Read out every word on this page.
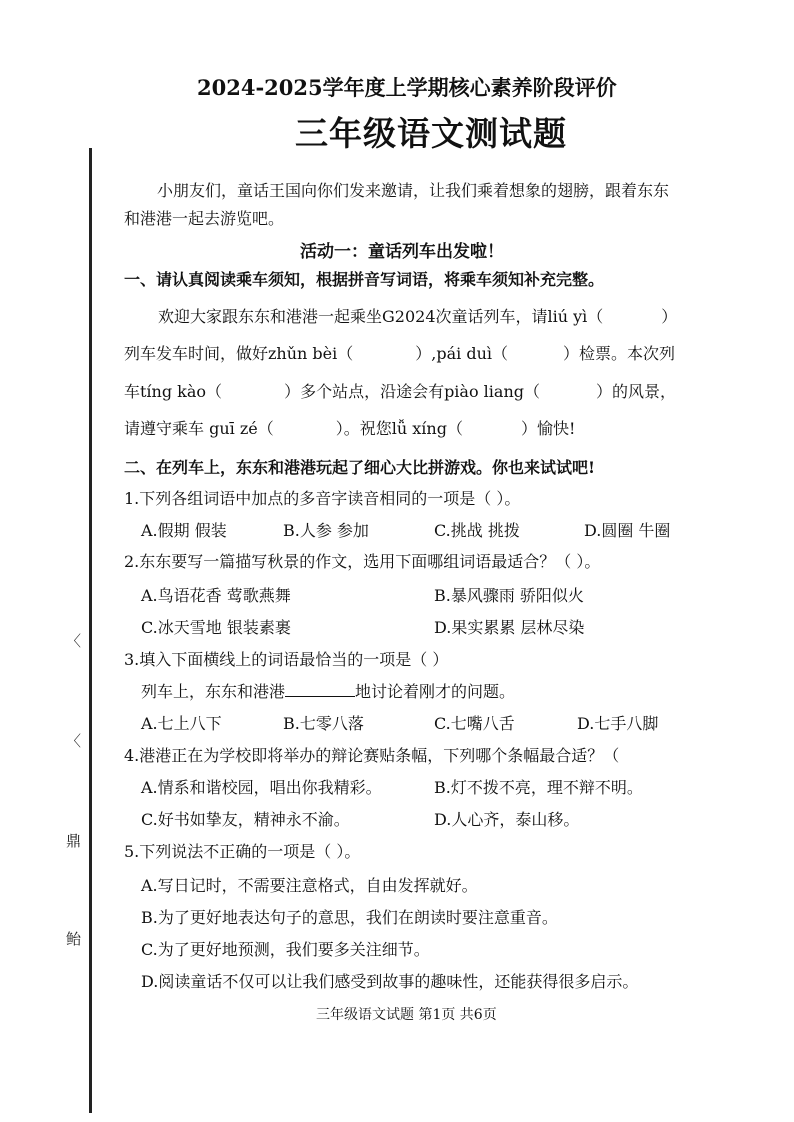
〈
〈
鼎
鲐
2024-2025学年度上学期核心素养阶段评价
三年级语文测试题
小朋友们，童话王国向你们发来邀请，让我们乘着想象的翅膀，跟着东东
和港港一起去游览吧。
活动一：童话列车出发啦！
一、请认真阅读乘车须知，根据拼音写词语，将乘车须知补充完整。
欢迎大家跟东东和港港一起乘坐G2024次童话列车，请liú yì（	）
列车发车时间，做好zhǔn bèi（	）,pái duì（	）检票。本次列
车tíng kào（	）多个站点，沿途会有piào liang（	）的风景，
请遵守乘车 guī zé（	）。祝您lǚ xíng（	）愉快!
二、在列车上，东东和港港玩起了细心大比拼游戏。你也来试试吧!
1.下列各组词语中加点的多音字读音相同的一项是（ ）。
A.假期 假装	B.人参 参加	C.挑战 挑拨	D.圆圈 牛圈
2.东东要写一篇描写秋景的作文，选用下面哪组词语最适合？（ ）。
A.鸟语花香 莺歌燕舞	B.暴风骤雨 骄阳似火
C.冰天雪地 银装素裹	D.果实累累 层林尽染
3.填入下面横线上的词语最恰当的一项是（ ）
列车上，东东和港港	地讨论着刚才的问题。
A.七上八下	B.七零八落	C.七嘴八舌	D.七手八脚
4.港港正在为学校即将举办的辩论赛贴条幅，下列哪个条幅最合适？（
A.情系和谐校园，唱出你我精彩。	B.灯不拨不亮，理不辩不明。
C.好书如挚友，精神永不渝。	D.人心齐，泰山移。
5.下列说法不正确的一项是（ ）。
A.写日记时，不需要注意格式，自由发挥就好。
B.为了更好地表达句子的意思，我们在朗读时要注意重音。
C.为了更好地预测，我们要多关注细节。
D.阅读童话不仅可以让我们感受到故事的趣味性，还能获得很多启示。
三年级语文试题 第1页 共6页
